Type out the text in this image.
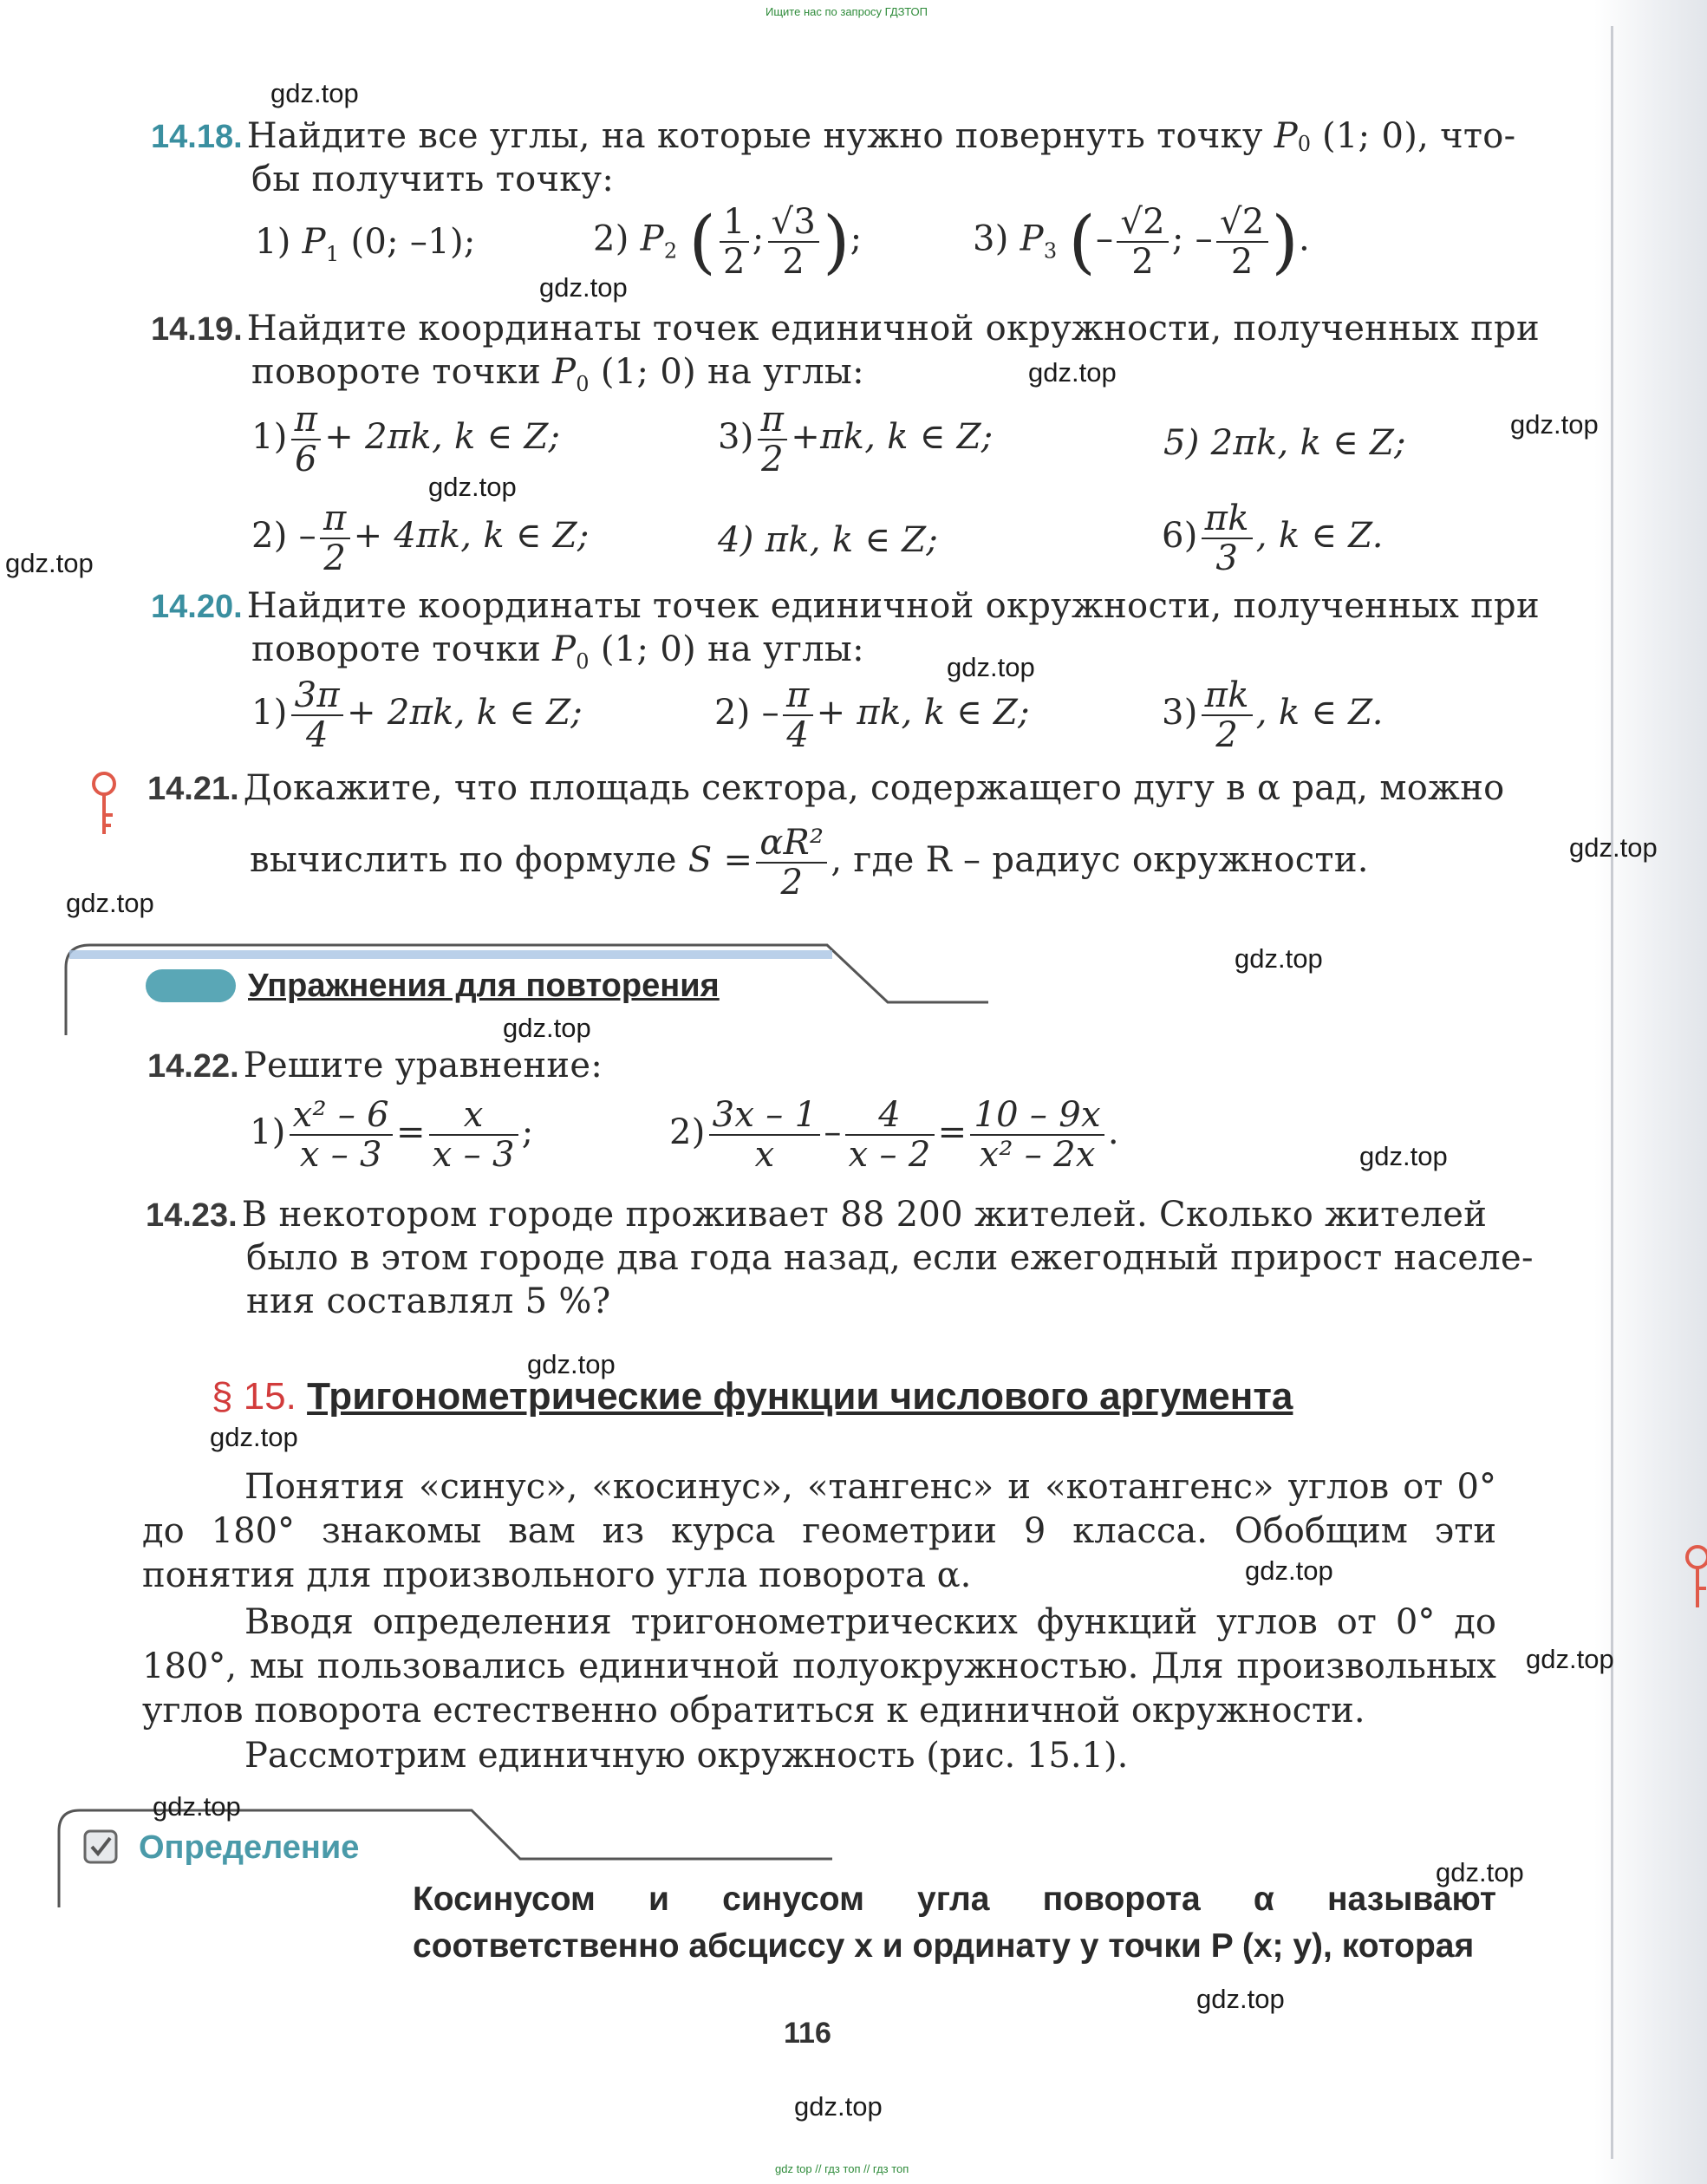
Ищите нас по запросу ГДЗТОП
14.18. Найдите все углы, на которые нужно повернуть точку $P_0$ (1; 0), что-
бы получить точку:
1) $P_1$ (0; –1);	2) $P_2$ ( $\frac{1}{2}$ ; $\frac{√3}{2}$ );	3) $P_3$ (– $\frac{√2}{2}$ ; – $\frac{√2}{2}$ ).
14.19. Найдите координаты точек единичной окружности, полученных при
повороте точки $P_0$ (1; 0) на углы:
$1) \frac{\pi}{6} + 2\pi k$, k ∈ Z;	$3) \frac{\pi}{2} +\pi k$, k ∈ Z;	5) 2πk, k ∈ Z;
$2) - \frac{\pi}{2} + 4\pi k$, k ∈ Z;	4) πk, k ∈ Z;	$6) \frac{\pi k}{3}$ , k ∈ Z.
14.20. Найдите координаты точек единичной окружности, полученных при
повороте точки $P_0$ (1; 0) на углы:
$1) \frac{3\pi}{4} + 2\pi k$, k ∈ Z;	$2) - \frac{\pi}{4} + \pi k$, k ∈ Z;	$3) \frac{\pi k}{2}$ , k ∈ Z.
14.21. Докажите, что площадь сектора, содержащего дугу в α рад, можно
вычислить по формуле $S = \frac{\text{αR²}}{2}$ , где R – радиус окружности.
Упражнения для повторения
14.22. Решите уравнение:
$1) \frac{\text{x² – 6}}{x - 3} = \frac{x}{x - 3}$ ;	$2) \frac{3x - 1}{x} - \frac{4}{x - 2} = \frac{10 - 9x}{\text{x² – 2x}}$ .
14.23. В некотором городе проживает 88 200 жителей. Сколько жителей
было в этом городе два года назад, если ежегодный прирост населе-
ния составлял 5 %?
§ 15. Тригонометрические функции числового аргумента
Понятия «синус», «косинус», «тангенс» и «котангенс» углов от 0° до 180° знакомы вам из курса геометрии 9 класса. Обобщим эти понятия для произвольного угла поворота α.
Вводя определения тригонометрических функций углов от 0° до 180°, мы пользовались единичной полуокружностью. Для произвольных углов поворота естественно обратиться к единичной окружности.
Рассмотрим единичную окружность (рис. 15.1).
Определение
Косинусом и синусом угла поворота α называют соответственно абсциссу x и ординату y точки P (x; y), которая
116
gdz.top
gdz.top
gdz.top
gdz.top
gdz.top
gdz.top
gdz.top
gdz.top
gdz.top
gdz.top
gdz.top
gdz.top
gdz.top
gdz.top
gdz.top
gdz.top
gdz.top
gdz.top
gdz.top
gdz.top
gdz top // гдз топ // гдз топ
